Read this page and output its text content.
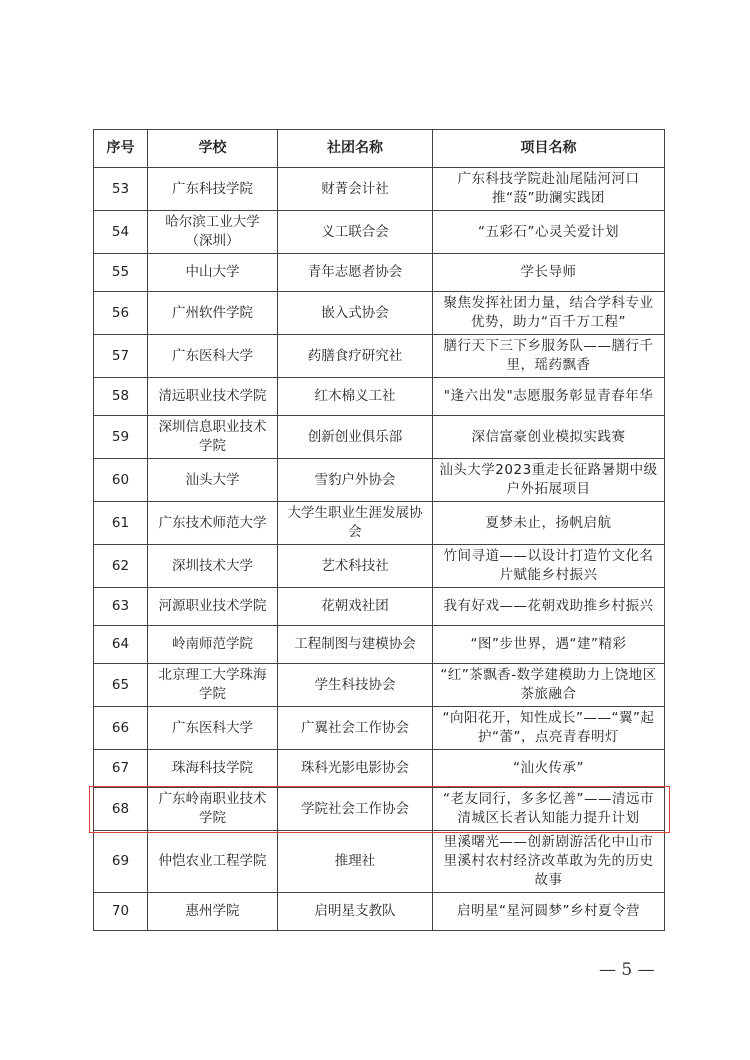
序号	学校	社团名称	项目名称
53	广东科技学院	财菁会计社	广东科技学院赴汕尾陆河河口推“蔎”助澜实践团
54	哈尔滨工业大学（深圳）	义工联合会	“五彩石”心灵关爱计划
55	中山大学	青年志愿者协会	学长导师
56	广州软件学院	嵌入式协会	聚焦发挥社团力量，结合学科专业优势，助力“百千万工程”
57	广东医科大学	药膳食疗研究社	膳行天下三下乡服务队——膳行千里，瑶药飘香
58	清远职业技术学院	红木棉义工社	"逢六出发"志愿服务彰显青春年华
59	深圳信息职业技术学院	创新创业俱乐部	深信富豪创业模拟实践赛
60	汕头大学	雪豹户外协会	汕头大学2023重走长征路暑期中级户外拓展项目
61	广东技术师范大学	大学生职业生涯发展协会	夏梦未止，扬帆启航
62	深圳技术大学	艺术科技社	竹间寻道——以设计打造竹文化名片赋能乡村振兴
63	河源职业技术学院	花朝戏社团	我有好戏——花朝戏助推乡村振兴
64	岭南师范学院	工程制图与建模协会	“图”步世界，遇“建”精彩
65	北京理工大学珠海学院	学生科技协会	“红”茶飘香-数学建模助力上饶地区茶旅融合
66	广东医科大学	广翼社会工作协会	“向阳花开，知性成长”——“翼”起护“蕾”，点亮青春明灯
67	珠海科技学院	珠科光影电影协会	“汕火传承”
68	广东岭南职业技术学院	学院社会工作协会	“老友同行，多多忆善”——清远市清城区长者认知能力提升计划
69	仲恺农业工程学院	推理社	里溪曙光——创新剧游活化中山市里溪村农村经济改革敢为先的历史故事
70	惠州学院	启明星支教队	启明星“星河圆梦”乡村夏令营
— 5 —
